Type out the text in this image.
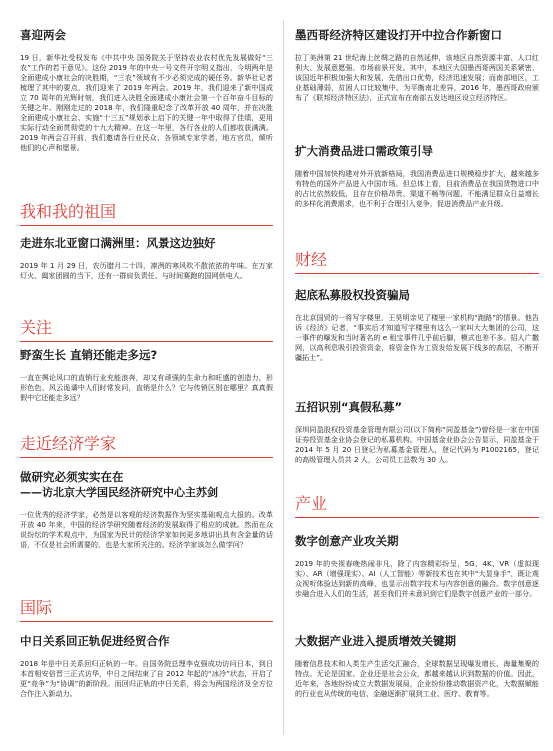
喜迎两会

19 日，新华社受权发布《中共中央 国务院关于坚持农业农村优先发展做好“三农”工作的若干意见》。这份 2019 年的中央一号文件开宗明义指出，今明两年是全面建成小康社会的决胜期，“三农”领域有不少必须完成的硬任务。新华社记者梳理了其中的要点，我们迎来了 2019 年两会。2019 年，我们迎来了新中国成立 70 周年的光辉时刻，我们进入决胜全面建成小康社会第一个百年奋斗目标的关键之年。刚刚走过的 2018 年，我们隆重纪念了改革开放 40 周年，并在决胜全面建成小康社会、实施“十三五”规划承上启下的关键一年中取得了佳绩，更用实际行动全面贯彻党的十九大精神。在这一年里，各行各业的人们都收获满满。2019 年两会召开前，我们邀请各行业民众、各领域专家学者、地方官员，倾听他们的心声和愿景。

我和我的祖国
走进东北亚窗口满洲里：风景这边独好

2019 年 1 月 29 日，农历腊月二十四，凛冽的寒风吹不散浓浓的年味。在万家灯火、阖家团圆的当下，还有一群肩负责任、与时间赛跑的国网供电人。

关注
野蛮生长 直销还能走多远?

一直在舆论风口的直销行业充能浪奔，却又有顽强的生命力和旺盛的创造力，形形色色、风云诡谲中人们时常发问，直销是什么？它与传销区别在哪里？真真假假中它还能走多远？

走近经济学家
做研究必须实实在在
——访北京大学国民经济研究中心主苏剑

一位优秀的经济学家，必然是以客观的经济数据作为坚实基础观点大报的。改革开放 40 年来，中国的经济学研究随着经济的发展取得了相应的成就。然而在众说纷纭的学术观点中，为国家为民计的经济学家如何更多地讲出具有含金量的话语，不仅是社会所需要的，也是大家所关注的。经济学家该怎么做学问？

国际
中日关系回正轨促进经贸合作

2018 年是中日关系回归正轨的一年。自国务院总理李克强成功访问日本，到日本首相安倍晋三正式访华，中日之间结束了自 2012 年起的“冰冷”状态，开启了更“竞争”为“协调”的新阶段。而回归正轨的中日关系，将会为两国经济及全方位合作注入新动力。

墨西哥经济特区建设打开中拉合作新窗口

拉丁美洲第 21 世纪海上丝绸之路的自然延伸，该地区自然资源丰富、人口红利大、发展意愿强、市场前景开发。其中，本地区大国墨西哥两国关系紧密，该国近年积极加强大和发展，先借出口优势，经济迅速发展；而南部地区，工业基础薄弱，贫困人口比较集中。为平衡南北差异，2016 年，墨西哥政府颁布了《联邦经济特区法》，正式宣布在南部五发达地区设立经济特区。

扩大消费品进口需政策引导

随着中国加快构建对外开放新格局，我国消费品进口规模稳步扩大，越来越多有特色的国外产品进入中国市场。但总体上看，目前消费品在我国货物进口中的占比依然较低，且存在价格昂贵、渠道不畅等问题，不能满足群众日益增长的多样化消费需求，也不利于合理引入竞争，促进消费品产业升级。

财经
起底私募股权投资骗局

在北京国贸的一将写字楼里，王昊明亲见了楼里一家机构“跑路”的情景。他告诉《经济》记者，“事实后才知道写字楼里有这么一家叫大大集团的公司，这一事件的曝发和当时著名的 e 租宝事件几乎前后脚，模式也差不多。招人广撒网，以高利息吸引投资资金，将资金作为工资发给发展下线多的高层，不断开疆拓土”。

五招识别“真假私募”

深圳同盈股权投资基金管理有限公司(以下简称“同盈基金”)曾经是一家在中国证券投资基金业协会登记的私募机构。中国基金业协会公告显示，同盈基金于 2014 年 5 月 20 日登记为私募基金管理人，登记代码为 P1002165，登记的高级管理人员共 2 人，公司员工总数为 30 人。

产业
数字创意产业攻关期

2019 年的央视春晚热闹非凡，除了内容精彩纷呈，5G、4K、VR（虚拟现实）、AR（增强现实）、AI（人工智能）等新技术也在其中“大显身手”，既让观众视听体验达到新的高峰，也显示出数字技术与内容创意的融合。数字创意逐步融合进入人们的生活，甚至我们并未意识到它们是数字创意产业的一部分。

大数据产业进入提质增效关键期

随着信息技术和人类生产生活交汇融合，全球数据呈现爆发增长、海量集聚的特点。无论是国家、企业还是社会公众，都越来越认识到数据的价值。因此，近年来，各地纷纷成立大数据发展局，企业纷纷推动数据资产化，大数据赋能的行业也从传统的电信、金融逐渐扩展到工业、医疗、教育等。
